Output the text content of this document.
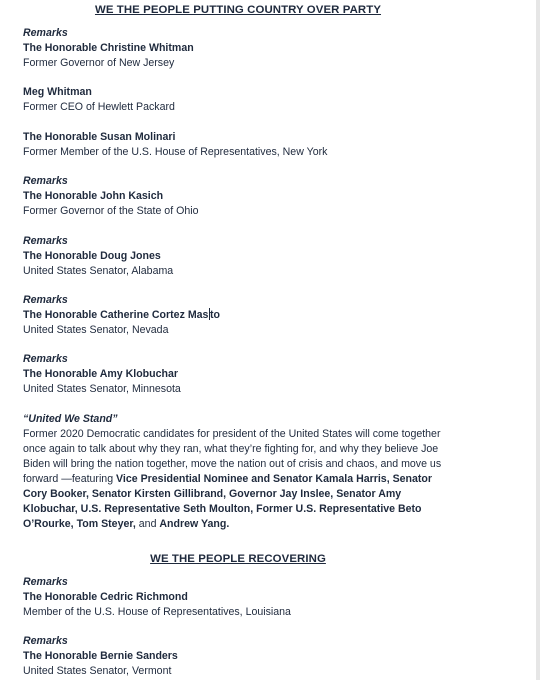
WE THE PEOPLE PUTTING COUNTRY OVER PARTY
Remarks
The Honorable Christine Whitman
Former Governor of New Jersey
Meg Whitman
Former CEO of Hewlett Packard
The Honorable Susan Molinari
Former Member of the U.S. House of Representatives, New York
Remarks
The Honorable John Kasich
Former Governor of the State of Ohio
Remarks
The Honorable Doug Jones
United States Senator, Alabama
Remarks
The Honorable Catherine Cortez Mas to
United States Senator, Nevada
Remarks
The Honorable Amy Klobuchar
United States Senator, Minnesota
“United We Stand”
Former 2020 Democratic candidates for president of the United States will come together once again to talk about why they ran, what they’re fighting for, and why they believe Joe Biden will bring the nation together, move the nation out of crisis and chaos, and move us forward —featuring Vice Presidential Nominee and Senator Kamala Harris, Senator Cory Booker, Senator Kirsten Gillibrand, Governor Jay Inslee, Senator Amy Klobuchar, U.S. Representative Seth Moulton, Former U.S. Representative Beto O’Rourke, Tom Steyer, and Andrew Yang.
WE THE PEOPLE RECOVERING
Remarks
The Honorable Cedric Richmond
Member of the U.S. House of Representatives, Louisiana
Remarks
The Honorable Bernie Sanders
United States Senator, Vermont
